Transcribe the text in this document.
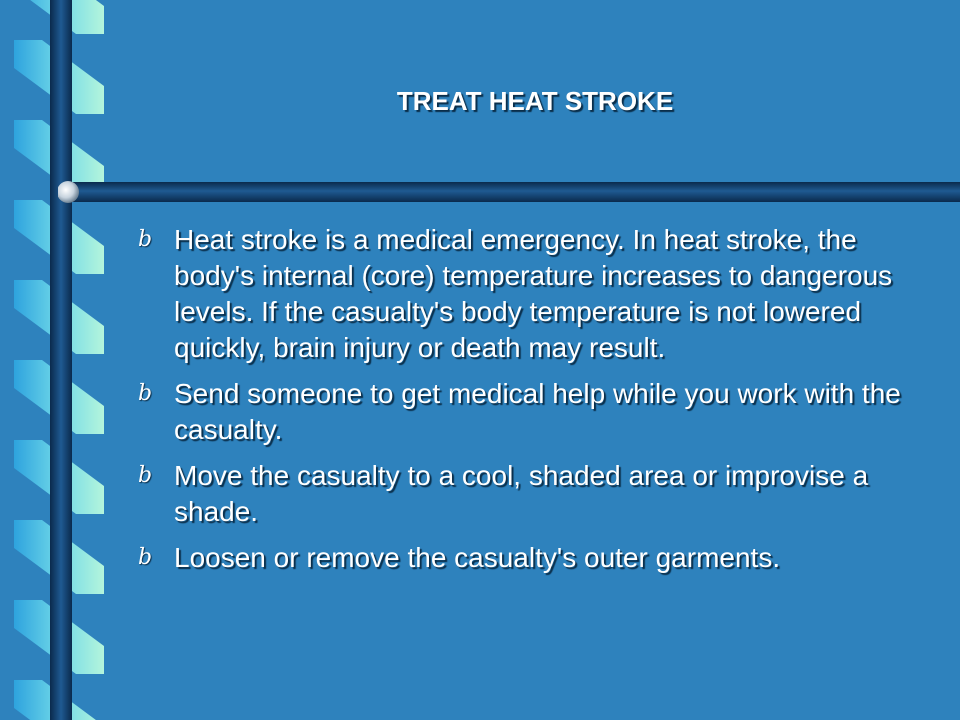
TREAT HEAT STROKE
b Heat stroke is a medical emergency. In heat stroke, the body's internal (core) temperature increases to dangerous levels. If the casualty's body temperature is not lowered quickly, brain injury or death may result.
b Send someone to get medical help while you work with the casualty.
b Move the casualty to a cool, shaded area or improvise a shade.
b Loosen or remove the casualty's outer garments.
